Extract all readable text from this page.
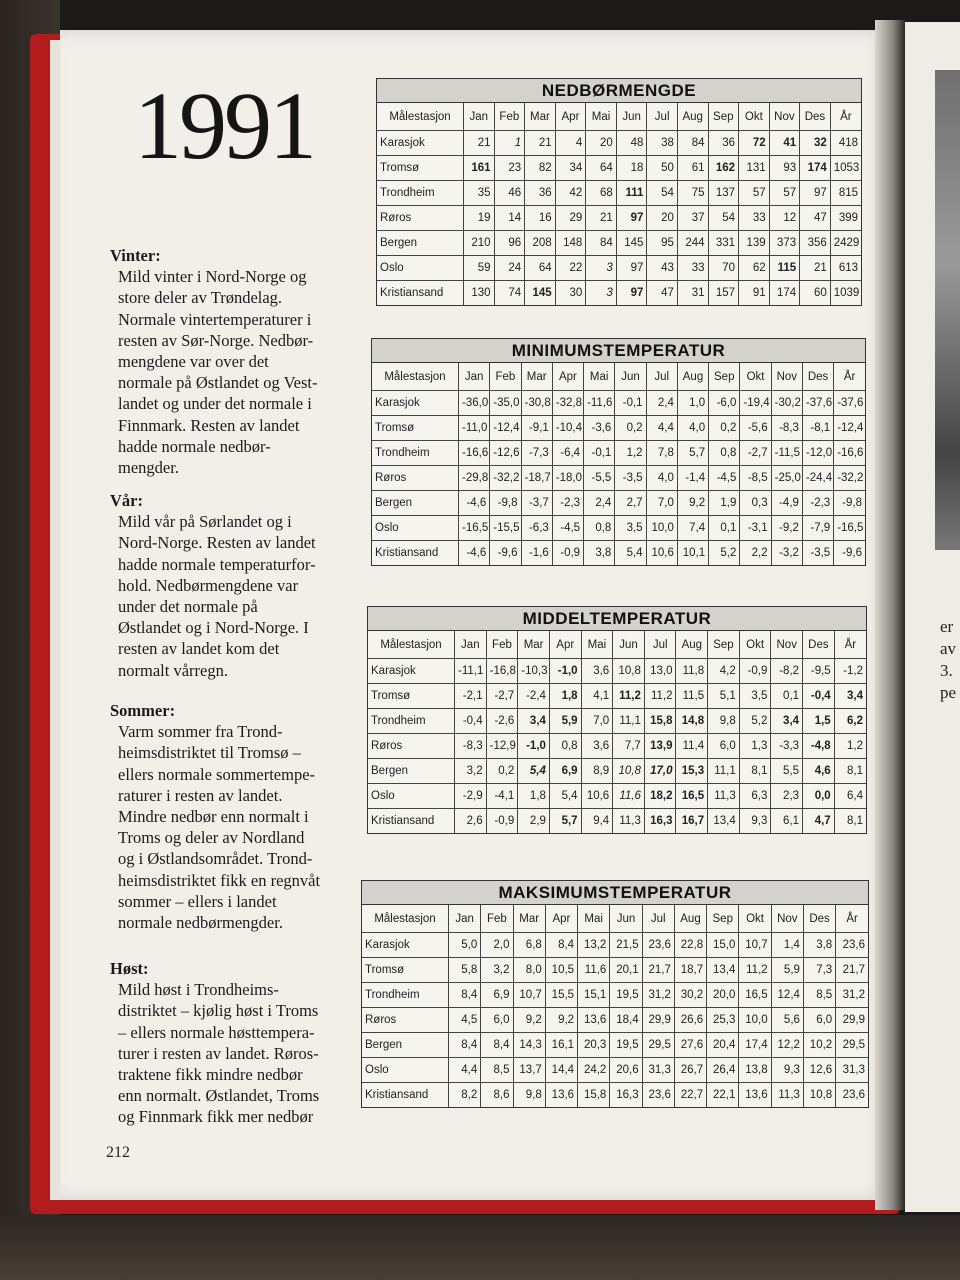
er
av
3.
pe
1991
Vinter:

Mild vinter i Nord-Norge og
store deler av Trøndelag.
Normale vintertemperaturer i
resten av Sør-Norge. Nedbør-
mengdene var over det
normale på Østlandet og Vest-
landet og under det normale i
Finnmark. Resten av landet
hadde normale nedbør-
mengder.

Vår:

Mild vår på Sørlandet og i
Nord-Norge. Resten av landet
hadde normale temperaturfor-
hold. Nedbørmengdene var
under det normale på
Østlandet og i Nord-Norge. I
resten av landet kom det
normalt vårregn.

Sommer:

Varm sommer fra Trond-
heimsdistriktet til Tromsø –
ellers normale sommertempe-
raturer i resten av landet.
Mindre nedbør enn normalt i
Troms og deler av Nordland
og i Østlandsområdet. Trond-
heimsdistriktet fikk en regnvåt
sommer – ellers i landet
normale nedbørmengder.

Høst:

Mild høst i Trondheims-
distriktet – kjølig høst i Troms
– ellers normale høsttempera-
turer i resten av landet. Røros-
traktene fikk mindre nedbør
enn normalt. Østlandet, Troms
og Finnmark fikk mer nedbør

212
NEDBØRMENGDE
Målestasjon	Jan	Feb	Mar	Apr	Mai	Jun	Jul	Aug	Sep	Okt	Nov	Des	År
Karasjok	21	1	21	4	20	48	38	84	36	72	41	32	418
Tromsø	161	23	82	34	64	18	50	61	162	131	93	174	1053
Trondheim	35	46	36	42	68	111	54	75	137	57	57	97	815
Røros	19	14	16	29	21	97	20	37	54	33	12	47	399
Bergen	210	96	208	148	84	145	95	244	331	139	373	356	2429
Oslo	59	24	64	22	3	97	43	33	70	62	115	21	613
Kristiansand	130	74	145	30	3	97	47	31	157	91	174	60	1039
MINIMUMSTEMPERATUR
Målestasjon	Jan	Feb	Mar	Apr	Mai	Jun	Jul	Aug	Sep	Okt	Nov	Des	År
Karasjok	-36,0	-35,0	-30,8	-32,8	-11,6	-0,1	2,4	1,0	-6,0	-19,4	-30,2	-37,6	-37,6
Tromsø	-11,0	-12,4	-9,1	-10,4	-3,6	0,2	4,4	4,0	0,2	-5,6	-8,3	-8,1	-12,4
Trondheim	-16,6	-12,6	-7,3	-6,4	-0,1	1,2	7,8	5,7	0,8	-2,7	-11,5	-12,0	-16,6
Røros	-29,8	-32,2	-18,7	-18,0	-5,5	-3,5	4,0	-1,4	-4,5	-8,5	-25,0	-24,4	-32,2
Bergen	-4,6	-9,8	-3,7	-2,3	2,4	2,7	7,0	9,2	1,9	0,3	-4,9	-2,3	-9,8
Oslo	-16,5	-15,5	-6,3	-4,5	0,8	3,5	10,0	7,4	0,1	-3,1	-9,2	-7,9	-16,5
Kristiansand	-4,6	-9,6	-1,6	-0,9	3,8	5,4	10,6	10,1	5,2	2,2	-3,2	-3,5	-9,6
MIDDELTEMPERATUR
Målestasjon	Jan	Feb	Mar	Apr	Mai	Jun	Jul	Aug	Sep	Okt	Nov	Des	År
Karasjok	-11,1	-16,8	-10,3	-1,0	3,6	10,8	13,0	11,8	4,2	-0,9	-8,2	-9,5	-1,2
Tromsø	-2,1	-2,7	-2,4	1,8	4,1	11,2	11,2	11,5	5,1	3,5	0,1	-0,4	3,4
Trondheim	-0,4	-2,6	3,4	5,9	7,0	11,1	15,8	14,8	9,8	5,2	3,4	1,5	6,2
Røros	-8,3	-12,9	-1,0	0,8	3,6	7,7	13,9	11,4	6,0	1,3	-3,3	-4,8	1,2
Bergen	3,2	0,2	5,4	6,9	8,9	10,8	17,0	15,3	11,1	8,1	5,5	4,6	8,1
Oslo	-2,9	-4,1	1,8	5,4	10,6	11,6	18,2	16,5	11,3	6,3	2,3	0,0	6,4
Kristiansand	2,6	-0,9	2,9	5,7	9,4	11,3	16,3	16,7	13,4	9,3	6,1	4,7	8,1
MAKSIMUMSTEMPERATUR
Målestasjon	Jan	Feb	Mar	Apr	Mai	Jun	Jul	Aug	Sep	Okt	Nov	Des	År
Karasjok	5,0	2,0	6,8	8,4	13,2	21,5	23,6	22,8	15,0	10,7	1,4	3,8	23,6
Tromsø	5,8	3,2	8,0	10,5	11,6	20,1	21,7	18,7	13,4	11,2	5,9	7,3	21,7
Trondheim	8,4	6,9	10,7	15,5	15,1	19,5	31,2	30,2	20,0	16,5	12,4	8,5	31,2
Røros	4,5	6,0	9,2	9,2	13,6	18,4	29,9	26,6	25,3	10,0	5,6	6,0	29,9
Bergen	8,4	8,4	14,3	16,1	20,3	19,5	29,5	27,6	20,4	17,4	12,2	10,2	29,5
Oslo	4,4	8,5	13,7	14,4	24,2	20,6	31,3	26,7	26,4	13,8	9,3	12,6	31,3
Kristiansand	8,2	8,6	9,8	13,6	15,8	16,3	23,6	22,7	22,1	13,6	11,3	10,8	23,6
